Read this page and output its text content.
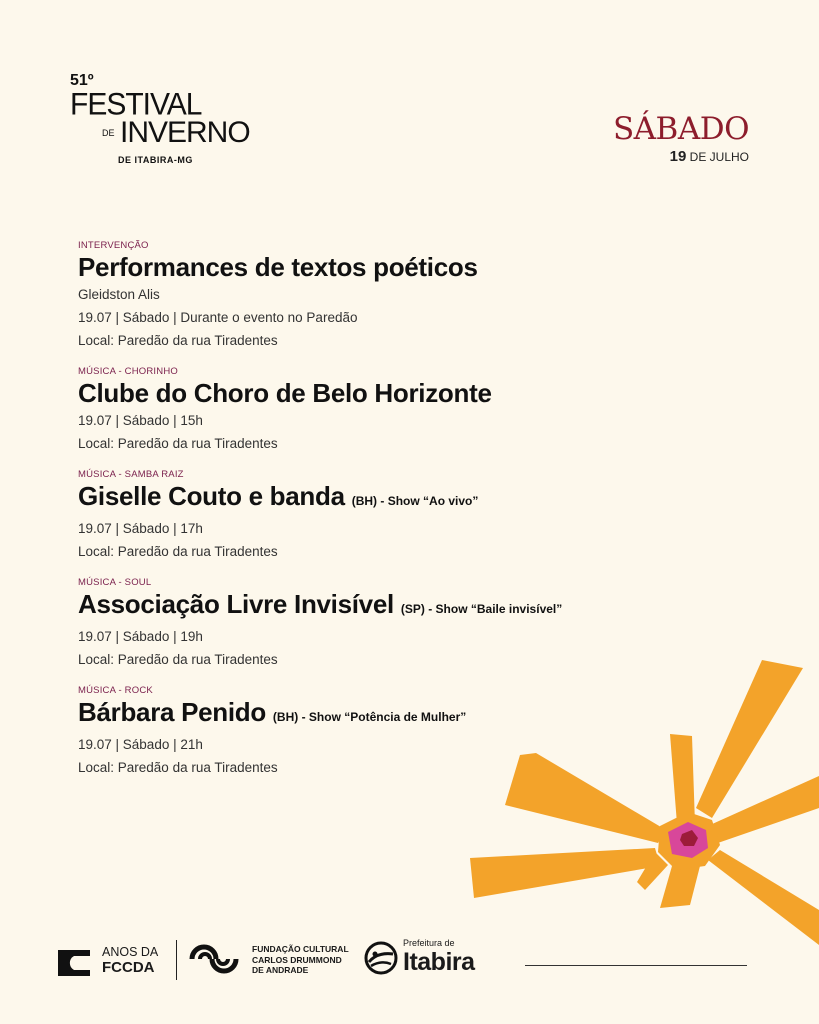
51º
FESTIVAL
DE INVERNO
DE ITABIRA-MG
SÁBADO
19 DE JULHO
INTERVENÇÃO
Performances de textos poéticos
Gleidston Alis
19.07 | Sábado | Durante o evento no Paredão
Local: Paredão da rua Tiradentes
MÚSICA - CHORINHO
Clube do Choro de Belo Horizonte
19.07 | Sábado | 15h
Local: Paredão da rua Tiradentes
MÚSICA - SAMBA RAIZ
Giselle Couto e banda (BH) - Show “Ao vivo”
19.07 | Sábado | 17h
Local: Paredão da rua Tiradentes
MÚSICA - SOUL
Associação Livre Invisível (SP) - Show “Baile invisível”
19.07 | Sábado | 19h
Local: Paredão da rua Tiradentes
MÚSICA - ROCK
Bárbara Penido (BH) - Show “Potência de Mulher”
19.07 | Sábado | 21h
Local: Paredão da rua Tiradentes
ANOS DA
FCCDA
FUNDAÇÃO CULTURAL
CARLOS DRUMMOND
DE ANDRADE
Prefeitura de
Itabira
